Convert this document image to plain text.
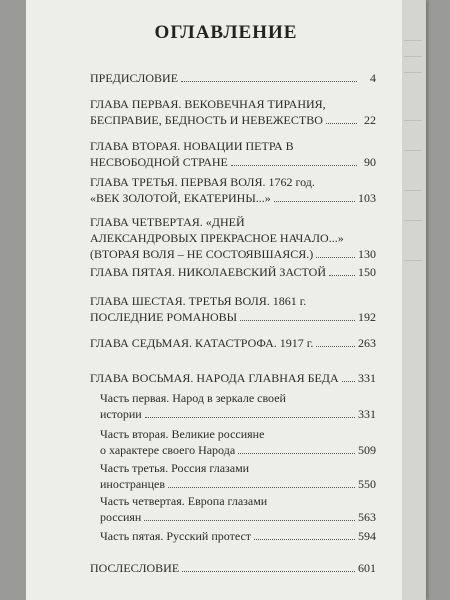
ОГЛАВЛЕНИЕ
ПРЕДИСЛОВИЕ	4
ГЛАВА ПЕРВАЯ. ВЕКОВЕЧНАЯ ТИРАНИЯ,
БЕСПРАВИЕ, БЕДНОСТЬ И НЕВЕЖЕСТВО	22
ГЛАВА ВТОРАЯ. НОВАЦИИ ПЕТРА В
НЕСВОБОДНОЙ СТРАНЕ	90
ГЛАВА ТРЕТЬЯ. ПЕРВАЯ ВОЛЯ. 1762 год.
«ВЕК ЗОЛОТОЙ, ЕКАТЕРИНЫ...»	103
ГЛАВА ЧЕТВЕРТАЯ. «ДНЕЙ
АЛЕКСАНДРОВЫХ ПРЕКРАСНОЕ НАЧАЛО...»
(ВТОРАЯ ВОЛЯ – НЕ СОСТОЯВШАЯСЯ.)	130
ГЛАВА ПЯТАЯ. НИКОЛАЕВСКИЙ ЗАСТОЙ	150
ГЛАВА ШЕСТАЯ. ТРЕТЬЯ ВОЛЯ. 1861 г.
ПОСЛЕДНИЕ РОМАНОВЫ	192
ГЛАВА СЕДЬМАЯ. КАТАСТРОФА. 1917 г.	263
ГЛАВА ВОСЬМАЯ. НАРОДА ГЛАВНАЯ БЕДА 331
Часть первая. Народ в зеркале своей
истории	331
Часть вторая. Великие россияне
о характере своего Народа	509
Часть третья. Россия глазами
иностранцев	550
Часть четвертая. Европа глазами
россиян	563
Часть пятая. Русский протест	594
ПОСЛЕСЛОВИЕ	601
